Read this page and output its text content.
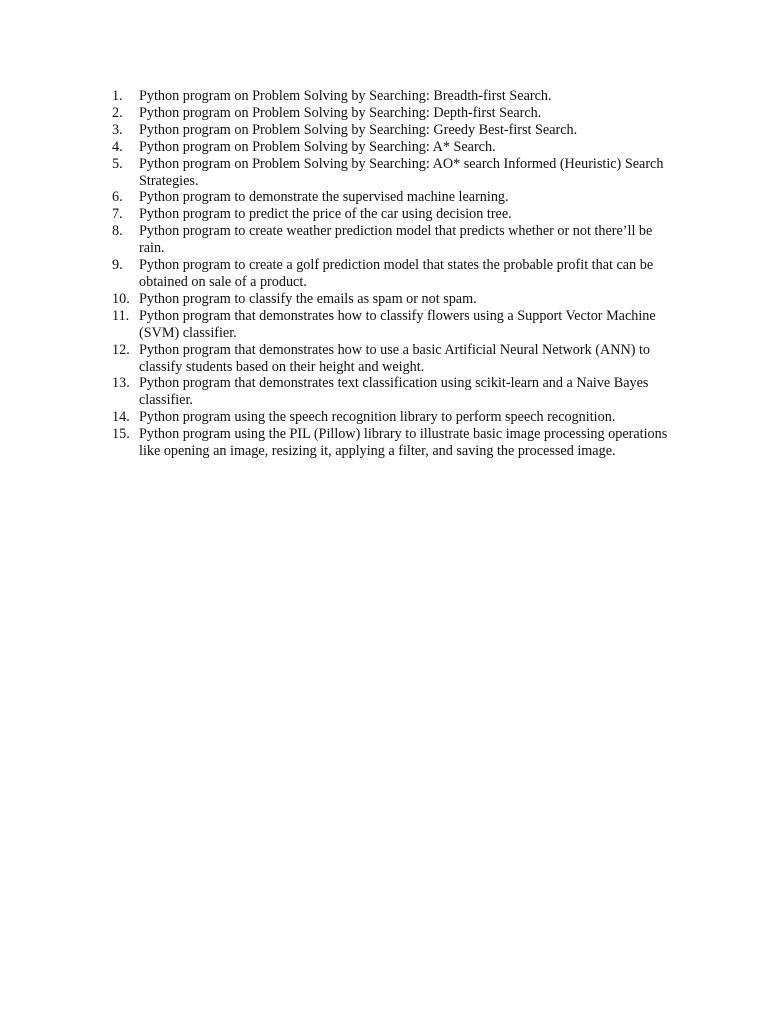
1.	Python program on Problem Solving by Searching: Breadth-first Search.
2.	Python program on Problem Solving by Searching: Depth-first Search.
3.	Python program on Problem Solving by Searching: Greedy Best-first Search.
4.	Python program on Problem Solving by Searching: A* Search.
5.	Python program on Problem Solving by Searching: AO* search Informed (Heuristic) Search Strategies.
6.	Python program to demonstrate the supervised machine learning.
7.	Python program to predict the price of the car using decision tree.
8.	Python program to create weather prediction model that predicts whether or not there’ll be rain.
9.	Python program to create a golf prediction model that states the probable profit that can be obtained on sale of a product.
10. Python program to classify the emails as spam or not spam.
11. Python program that demonstrates how to classify flowers using a Support Vector Machine (SVM) classifier.
12. Python program that demonstrates how to use a basic Artificial Neural Network (ANN) to classify students based on their height and weight.
13. Python program that demonstrates text classification using scikit-learn and a Naive Bayes classifier.
14. Python program using the speech recognition library to perform speech recognition.
15. Python program using the PIL (Pillow) library to illustrate basic image processing operations like opening an image, resizing it, applying a filter, and saving the processed image.
